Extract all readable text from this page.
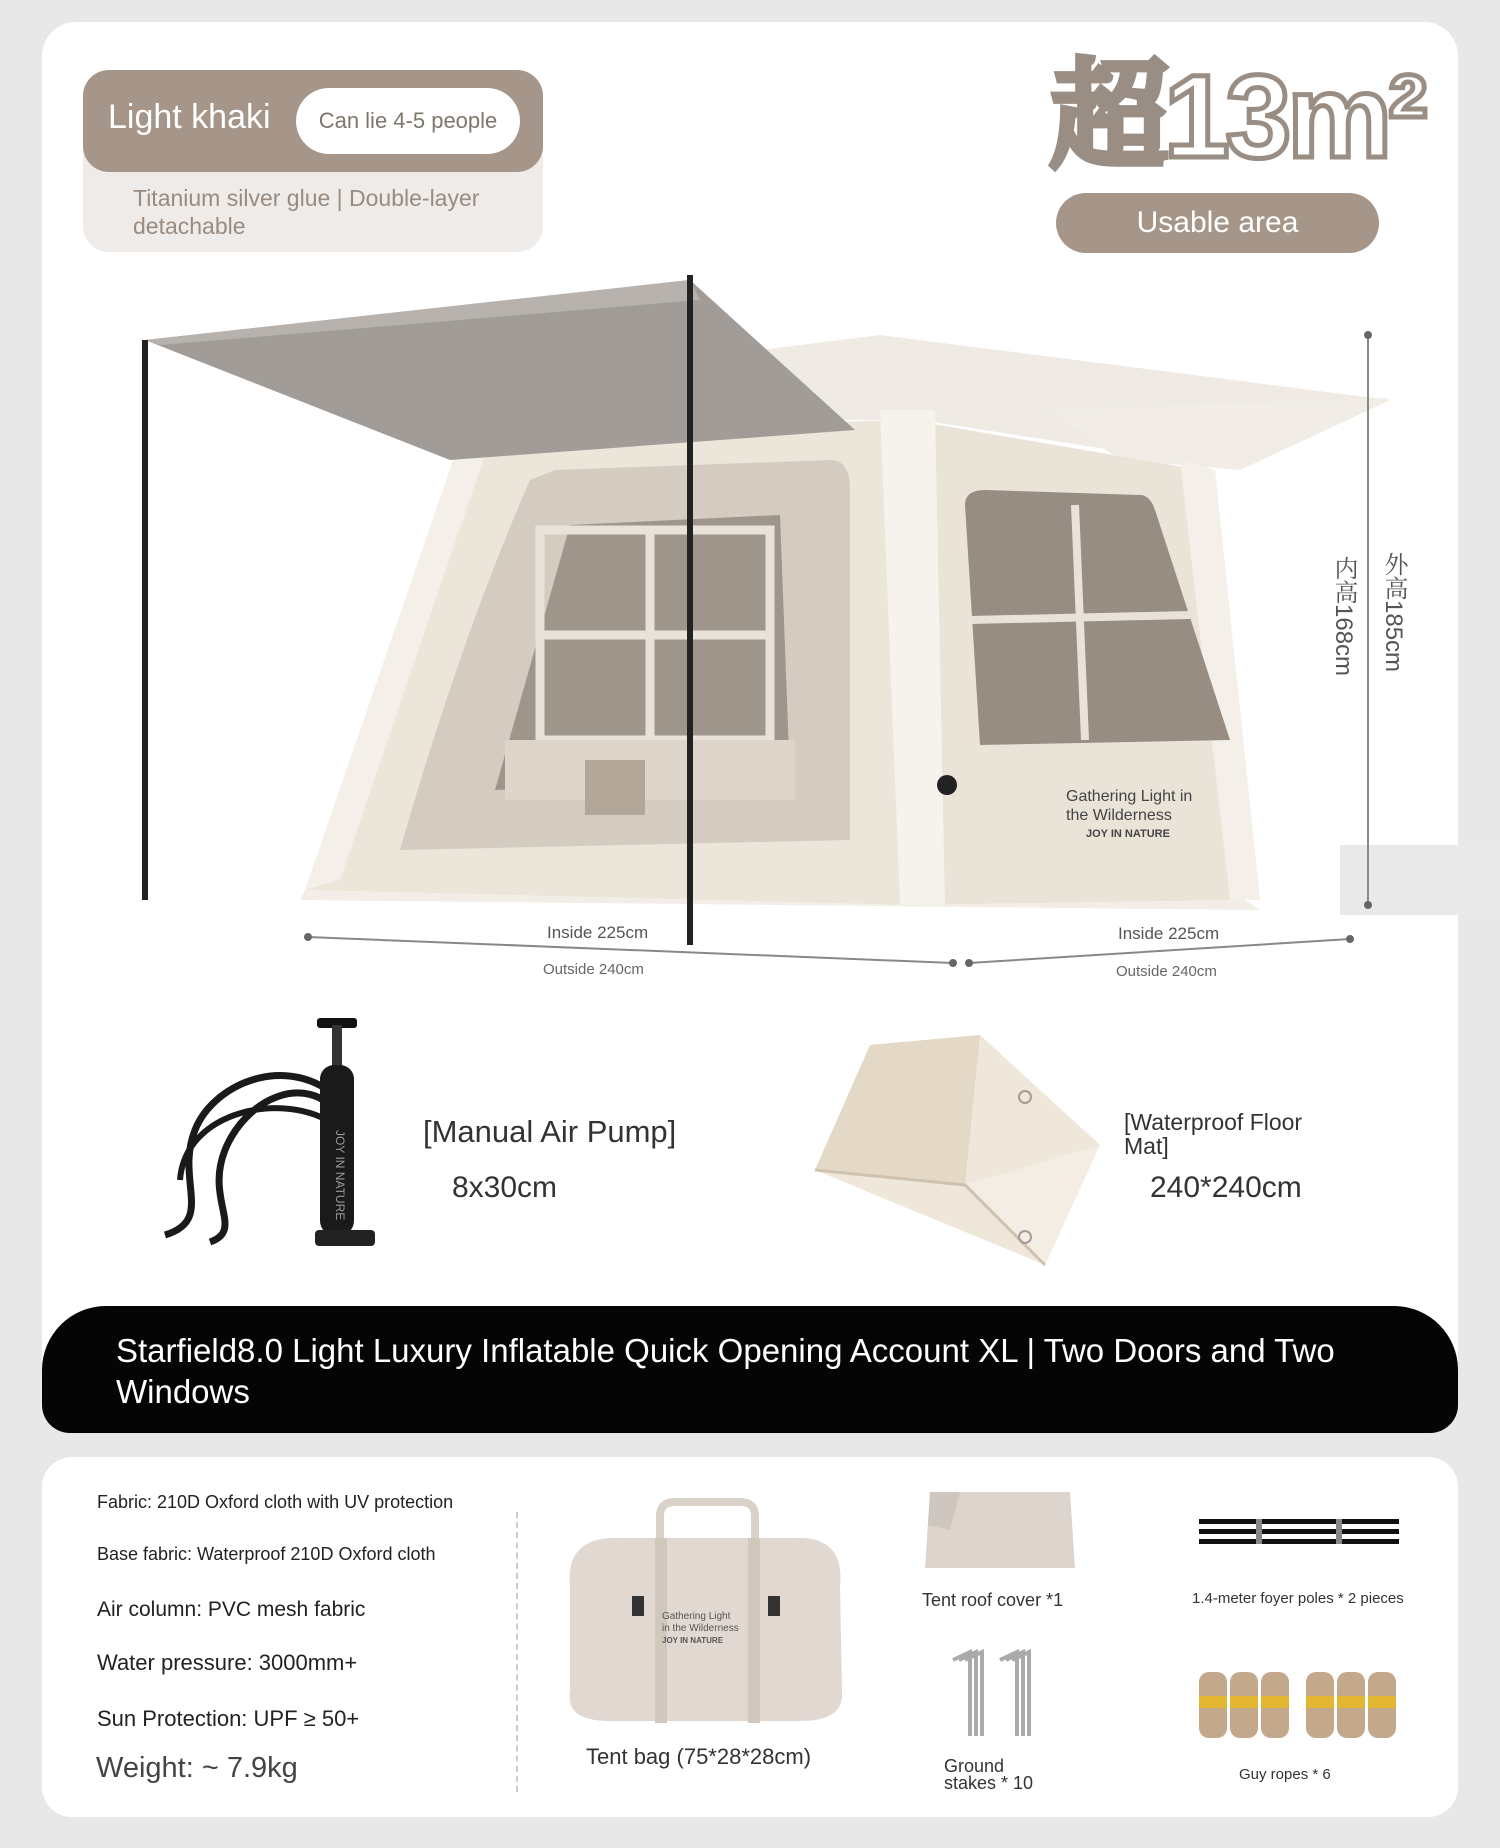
Light khaki	Can lie 4-5 people
Titanium silver glue | Double-layer detachable
超13m²
Usable area
Gathering Light in
the Wilderness
JOY IN NATURE
内高168cm 外高185cm
Inside 225cm
Outside 240cm
Inside 225cm
Outside 240cm
JOY IN NATURE [Manual Air Pump]
8x30cm
[Waterproof Floor Mat]
240*240cm
Starfield8.0 Light Luxury Inflatable Quick Opening Account XL | Two Doors and Two Windows
Fabric: 210D Oxford cloth with UV protection
Base fabric: Waterproof 210D Oxford cloth
Air column: PVC mesh fabric
Water pressure: 3000mm+
Sun Protection: UPF ≥ 50+
Weight: ~ 7.9kg
Gathering Light
in the Wilderness
JOY IN NATURE
Tent bag (75*28*28cm)
Tent roof cover *1	1.4-meter foyer poles * 2 pieces
Ground stakes * 10	Guy ropes * 6
